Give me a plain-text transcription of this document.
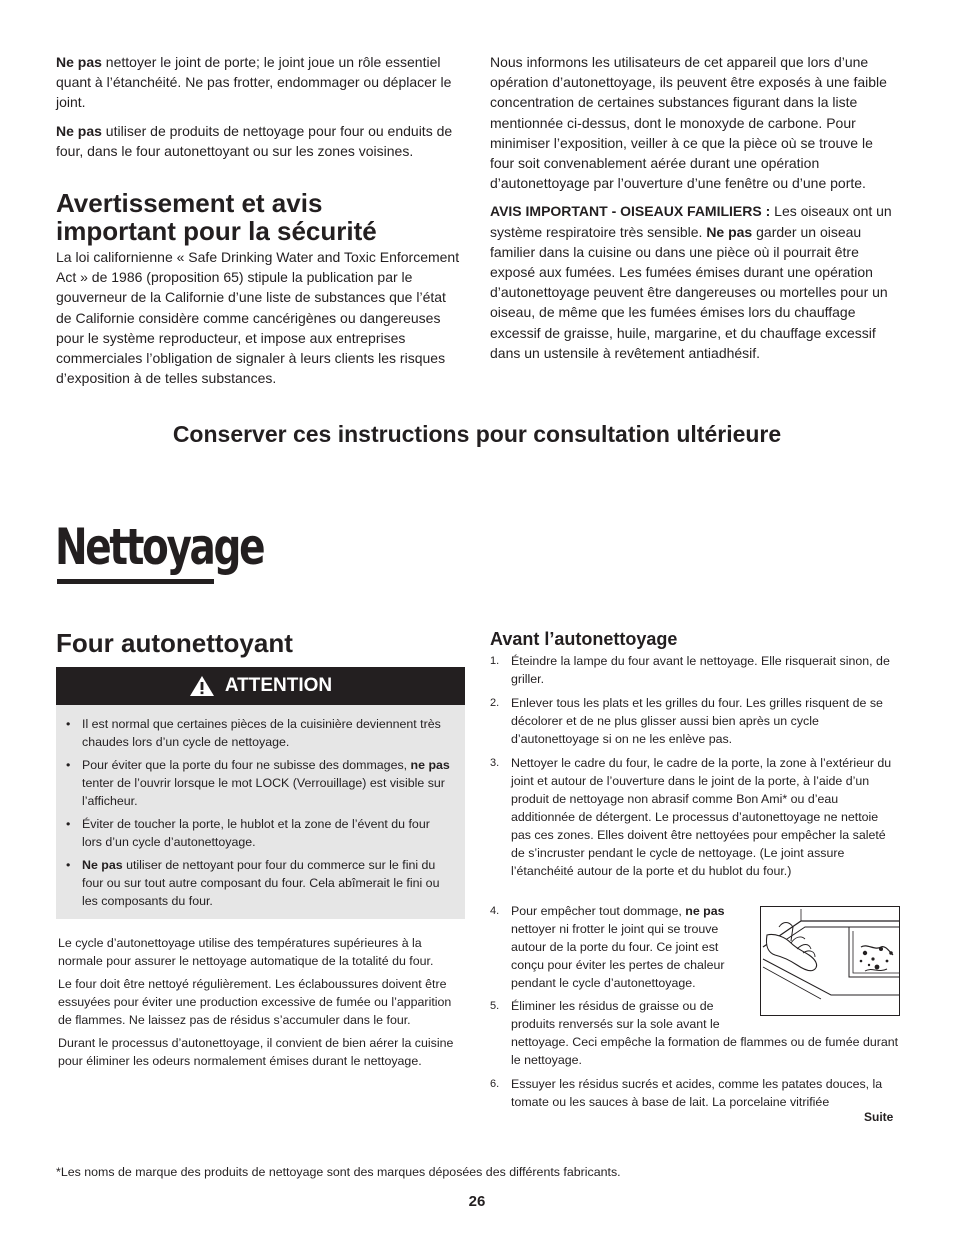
Ne pas nettoyer le joint de porte; le joint joue un rôle essentiel quant à l’étanchéité. Ne pas frotter, endommager ou déplacer le joint.

Ne pas utiliser de produits de nettoyage pour four ou enduits de four, dans le four autonettoyant ou sur les zones voisines.

Avertissement et avis
important pour la sécurité

La loi californienne « Safe Drinking Water and Toxic Enforcement Act » de 1986 (proposition 65) stipule la publication par le gouverneur de la Californie d’une liste de substances que l’état de Californie considère comme cancérigènes ou dangereuses pour le système reproducteur, et impose aux entreprises commerciales l’obligation de signaler à leurs clients les risques d’exposition à de telles substances.

Nous informons les utilisateurs de cet appareil que lors d’une opération d’autonettoyage, ils peuvent être exposés à une faible concentration de certaines substances figurant dans la liste mentionnée ci-dessus, dont le monoxyde de carbone. Pour minimiser l’exposition, veiller à ce que la pièce où se trouve le four soit convenablement aérée durant une opération d’autonettoyage par l’ouverture d’une fenêtre ou d’une porte.

AVIS IMPORTANT - OISEAUX FAMILIERS : Les oiseaux ont un système respiratoire très sensible. Ne pas garder un oiseau familier dans la cuisine ou dans une pièce où il pourrait être exposé aux fumées. Les fumées émises durant une opération d’autonettoyage peuvent être dangereuses ou mortelles pour un oiseau, de même que les fumées émises lors du chauffage excessif de graisse, huile, margarine, et du chauffage excessif dans un ustensile à revêtement antiadhésif.

Conserver ces instructions pour consultation ultérieure
Nettoyage
Four autonettoyant
ATTENTION
• Il est normal que certaines pièces de la cuisinière deviennent très chaudes lors d’un cycle de nettoyage.
• Pour éviter que la porte du four ne subisse des dommages, ne pas tenter de l’ouvrir lorsque le mot LOCK (Verrouillage) est visible sur l’afficheur.
• Éviter de toucher la porte, le hublot et la zone de l’évent du four lors d’un cycle d’autonettoyage.
• Ne pas utiliser de nettoyant pour four du commerce sur le fini du four ou sur tout autre composant du four. Cela abîmerait le fini ou les composants du four.

Le cycle d’autonettoyage utilise des températures supérieures à la normale pour assurer le nettoyage automatique de la totalité du four.

Le four doit être nettoyé régulièrement. Les éclaboussures doivent être essuyées pour éviter une production excessive de fumée ou l’apparition de flammes. Ne laissez pas de résidus s’accumuler dans le four.

Durant le processus d’autonettoyage, il convient de bien aérer la cuisine pour éliminer les odeurs normalement émises durant le nettoyage.

Avant l’autonettoyage
1. Éteindre la lampe du four avant le nettoyage. Elle risquerait sinon, de griller.
2. Enlever tous les plats et les grilles du four. Les grilles risquent de se décolorer et de ne plus glisser aussi bien après un cycle d’autonettoyage si on ne les enlève pas.
3. Nettoyer le cadre du four, le cadre de la porte, la zone à l’extérieur du joint et autour de l’ouverture dans le joint de la porte, à l’aide d’un produit de nettoyage non abrasif comme Bon Ami* ou d’eau additionnée de détergent. Le processus d’autonettoyage ne nettoie pas ces zones. Elles doivent être nettoyées pour empêcher la saleté de s’incruster pendant le cycle de nettoyage. (Le joint assure l’étanchéité autour de la porte et du hublot du four.)
4. Pour empêcher tout dommage, ne pas nettoyer ni frotter le joint qui se trouve autour de la porte du four. Ce joint est conçu pour éviter les pertes de chaleur pendant le cycle d’autonettoyage.
5. Éliminer les résidus de graisse ou de produits renversés sur la sole avant le nettoyage. Ceci empêche la formation de flammes ou de fumée durant le nettoyage.
6. Essuyer les résidus sucrés et acides, comme les patates douces, la tomate ou les sauces à base de lait. La porcelaine vitrifiée
Suite
*Les noms de marque des produits de nettoyage sont des marques déposées des différents fabricants.
26
